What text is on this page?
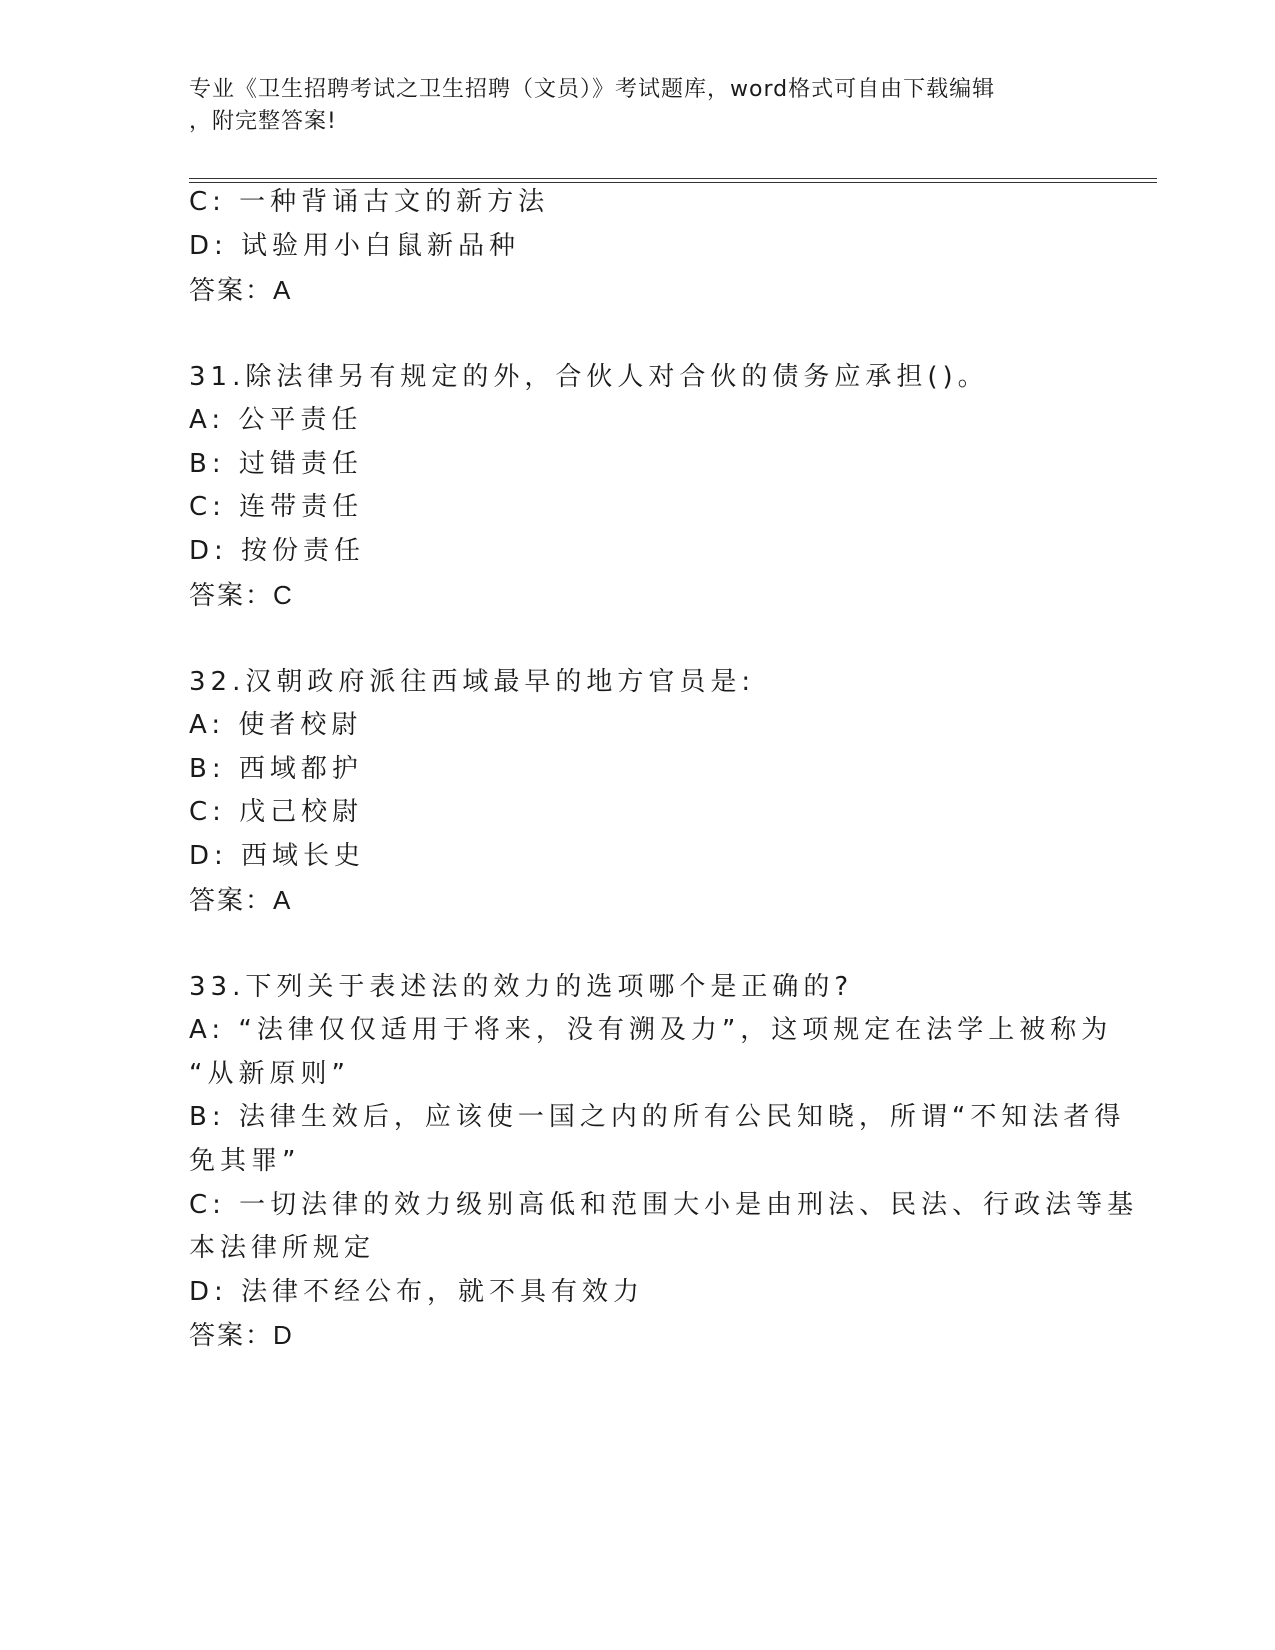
专业《卫生招聘考试之卫生招聘（文员）》考试题库，word格式可自由下载编辑
，附完整答案!
C: 一种背诵古文的新方法
D: 试验用小白鼠新品种
答案：A
31.除法律另有规定的外，合伙人对合伙的债务应承担()。
A: 公平责任
B: 过错责任
C: 连带责任
D: 按份责任
答案：C
32.汉朝政府派往西域最早的地方官员是:
A: 使者校尉
B: 西域都护
C: 戊己校尉
D: 西域长史
答案：A
33.下列关于表述法的效力的选项哪个是正确的?
A: “法律仅仅适用于将来，没有溯及力”，这项规定在法学上被称为
“从新原则”
B: 法律生效后，应该使一国之内的所有公民知晓，所谓“不知法者得
免其罪”
C: 一切法律的效力级别高低和范围大小是由刑法、民法、行政法等基
本法律所规定
D: 法律不经公布，就不具有效力
答案：D
